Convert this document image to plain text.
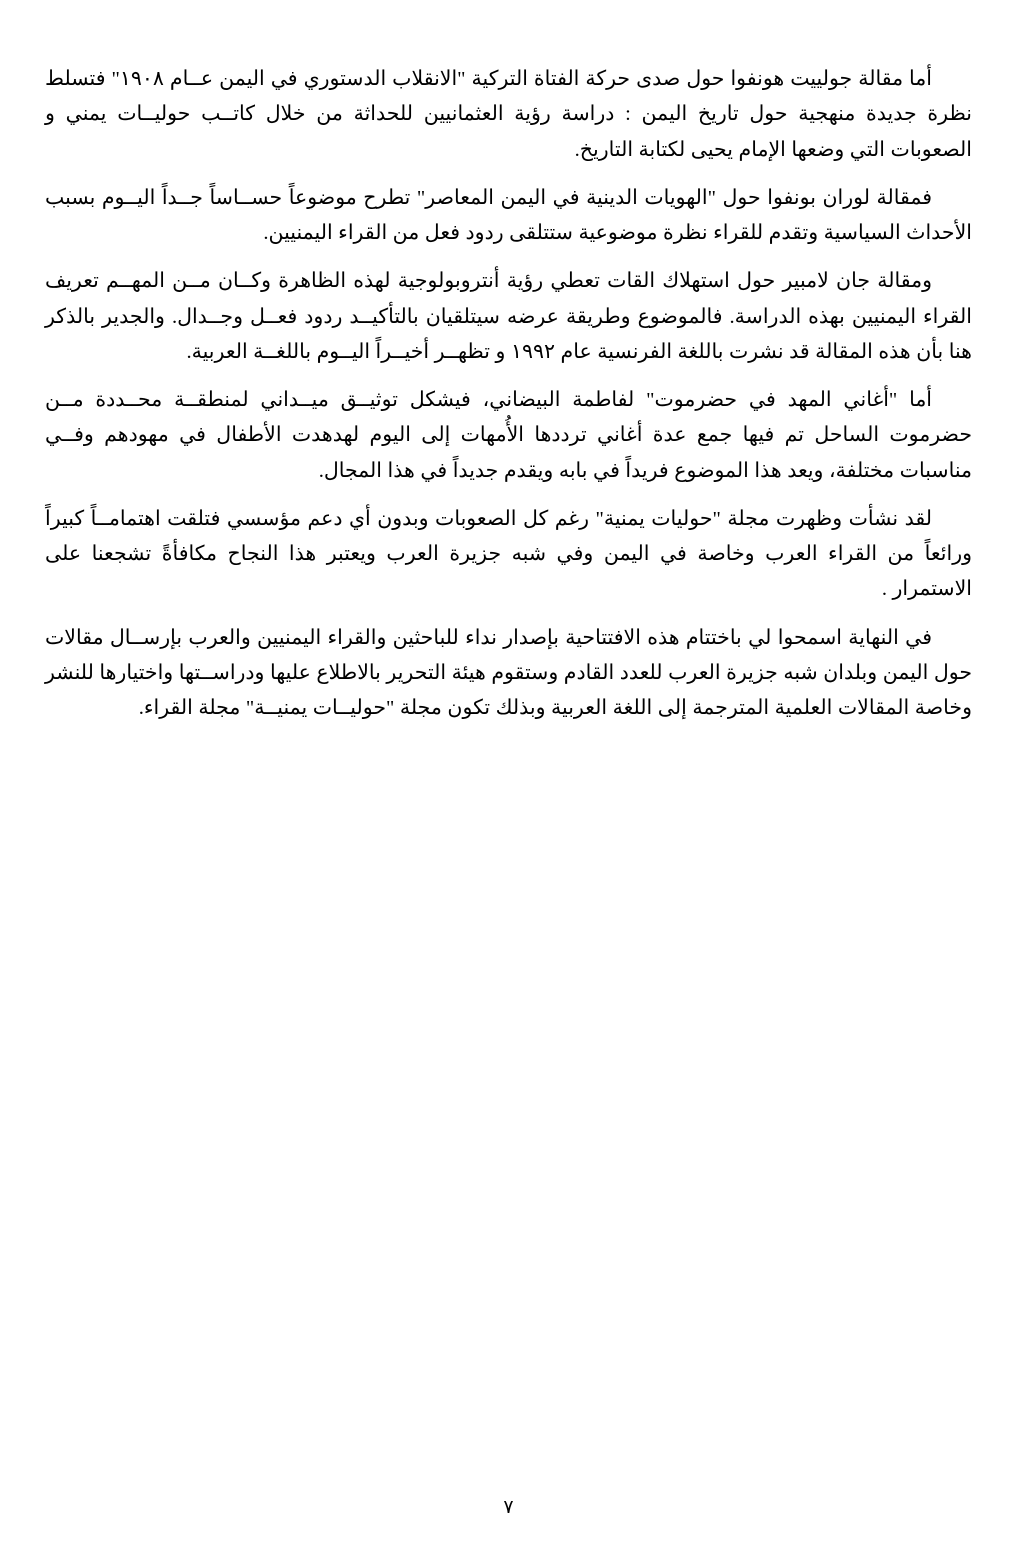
أما مقالة جولييت هونفوا حول صدى حركة الفتاة التركية "الانقلاب الدستوري في اليمن عــام ١٩٠٨" فتسلط نظرة جديدة منهجية حول تاريخ اليمن : دراسة رؤية العثمانيين للحداثة من خلال كاتــب حوليــات يمني و الصعوبات التي وضعها الإمام يحيى لكتابة التاريخ.

فمقالة لوران بونفوا حول "الهويات الدينية في اليمن المعاصر" تطرح موضوعاً حســاساً جــداً اليــوم بسبب الأحداث السياسية وتقدم للقراء نظرة موضوعية ستتلقى ردود فعل من القراء اليمنيين.

ومقالة جان لامبير حول استهلاك القات تعطي رؤية أنتروبولوجية لهذه الظاهرة وكــان مــن المهــم تعريف القراء اليمنيين بهذه الدراسة. فالموضوع وطريقة عرضه سيتلقيان بالتأكيــد ردود فعــل وجــدال. والجدير بالذكر هنا بأن هذه المقالة قد نشرت باللغة الفرنسية عام ١٩٩٢ و تظهــر أخيــراً اليــوم باللغــة العربية.

أما "أغاني المهد في حضرموت" لفاطمة البيضاني، فيشكل توثيــق ميــداني لمنطقــة محــددة مــن حضرموت الساحل تم فيها جمع عدة أغاني ترددها الأُمهات إلى اليوم لهدهدت الأطفال في مهودهم وفــي مناسبات مختلفة، ويعد هذا الموضوع فريداً في بابه ويقدم جديداً في هذا المجال.

لقد نشأت وظهرت مجلة "حوليات يمنية" رغم كل الصعوبات وبدون أي دعم مؤسسي فتلقت اهتمامــاً كبيراً ورائعاً من القراء العرب وخاصة في اليمن وفي شبه جزيرة العرب ويعتبر هذا النجاح مكافأةً تشجعنا على الاستمرار .

في النهاية اسمحوا لي باختتام هذه الافتتاحية بإصدار نداء للباحثين والقراء اليمنيين والعرب بإرســال مقالات حول اليمن وبلدان شبه جزيرة العرب للعدد القادم وستقوم هيئة التحرير بالاطلاع عليها ودراســتها واختيارها للنشر وخاصة المقالات العلمية المترجمة إلى اللغة العربية وبذلك تكون مجلة "حوليــات يمنيــة" مجلة القراء.

٧
